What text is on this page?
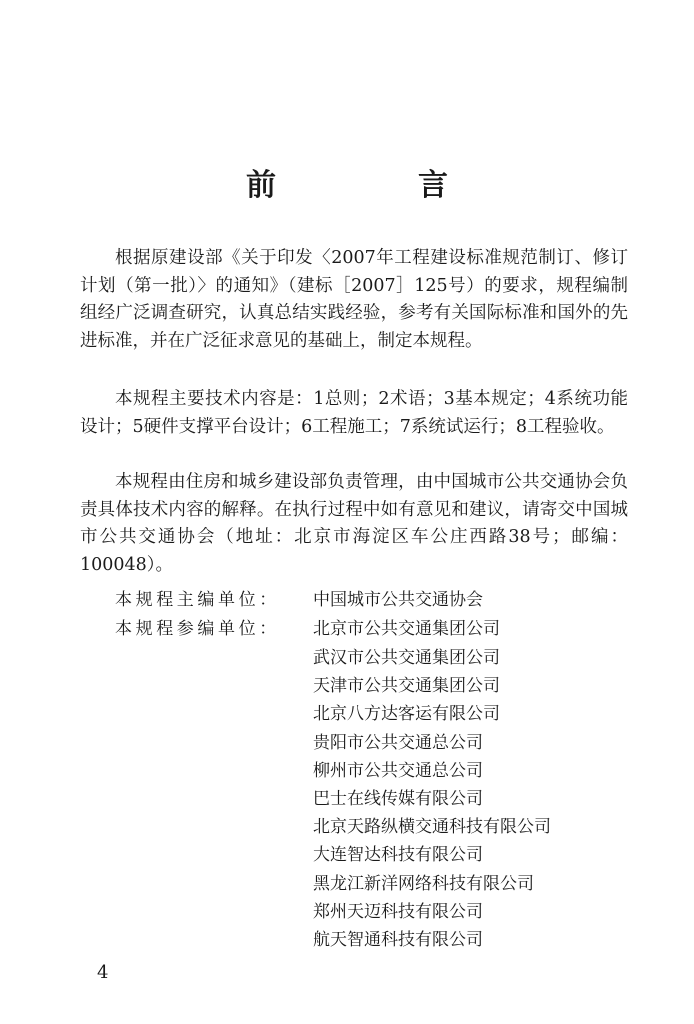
前　言

根据原建设部《关于印发〈2007年工程建设标准规范制订、修订计划（第一批）〉的通知》（建标［2007］125号）的要求，规程编制组经广泛调查研究，认真总结实践经验，参考有关国际标准和国外的先进标准，并在广泛征求意见的基础上，制定本规程。

本规程主要技术内容是：1总则；2术语；3基本规定；4系统功能设计；5硬件支撑平台设计；6工程施工；7系统试运行；8工程验收。

本规程由住房和城乡建设部负责管理，由中国城市公共交通协会负责具体技术内容的解释。在执行过程中如有意见和建议，请寄交中国城市公共交通协会（地址：北京市海淀区车公庄西路38号；邮编：100048）。

本规程主编单位：	中国城市公共交通协会
本规程参编单位：	北京市公共交通集团公司
武汉市公共交通集团公司
天津市公共交通集团公司
北京八方达客运有限公司
贵阳市公共交通总公司
柳州市公共交通总公司
巴士在线传媒有限公司
北京天路纵横交通科技有限公司
大连智达科技有限公司
黑龙江新洋网络科技有限公司
郑州天迈科技有限公司
航天智通科技有限公司
4
